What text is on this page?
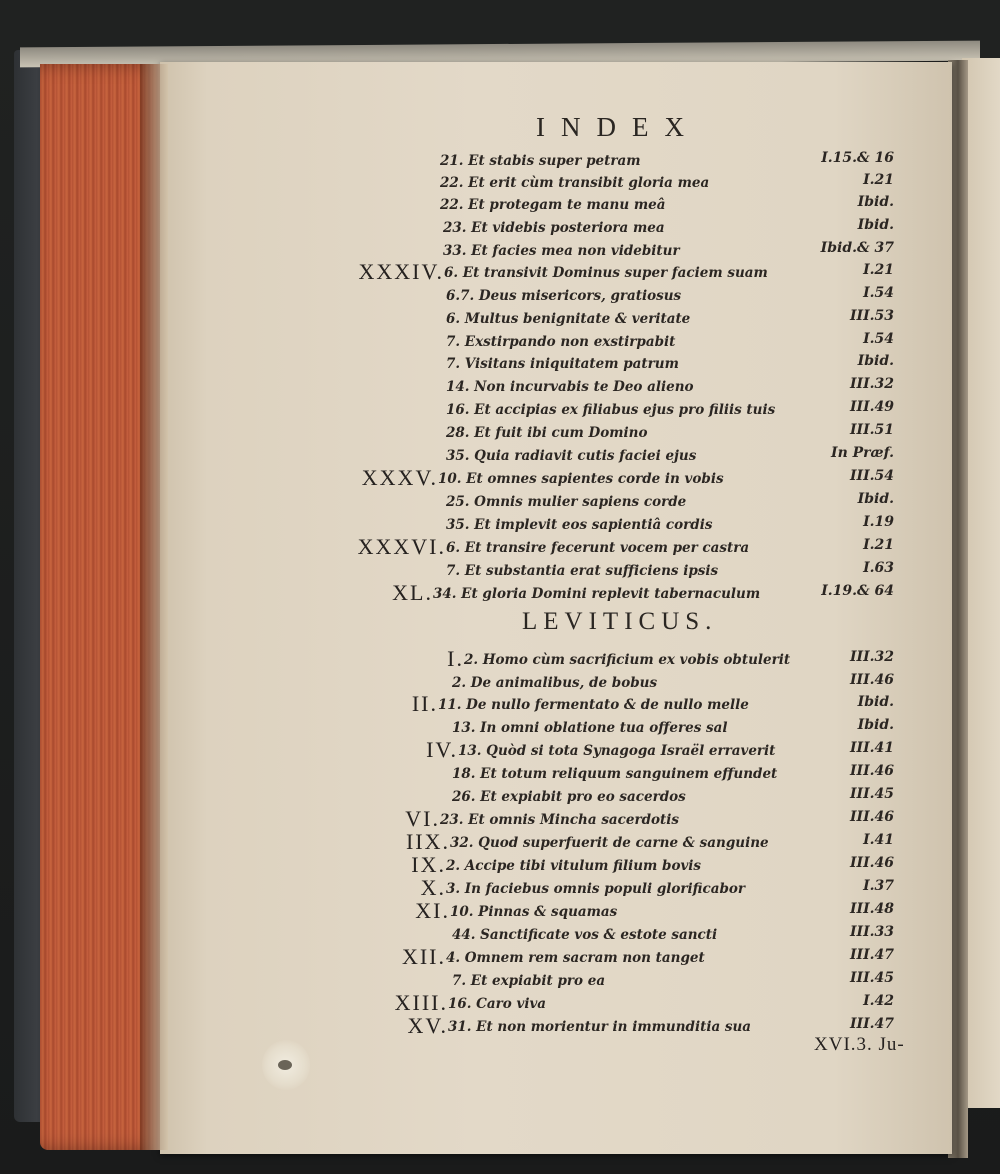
INDEX
LEVITICUS.
21. Et stabis super petram	I.15.& 16
22. Et erit cùm transibit gloria mea	I.21
22. Et protegam te manu meâ	Ibid.
23. Et videbis posteriora mea	Ibid.
33. Et facies mea non videbitur	Ibid.& 37
XXXIV. 6. Et transivit Dominus super faciem suam	I.21
6.7. Deus misericors, gratiosus	I.54
6. Multus benignitate & veritate	III.53
7. Exstirpando non exstirpabit	I.54
7. Visitans iniquitatem patrum	Ibid.
14. Non incurvabis te Deo alieno	III.32
16. Et accipias ex filiabus ejus pro filiis tuis	III.49
28. Et fuit ibi cum Domino	III.51
35. Quia radiavit cutis faciei ejus	In Præf.
XXXV. 10. Et omnes sapientes corde in vobis	III.54
25. Omnis mulier sapiens corde	Ibid.
35. Et implevit eos sapientiâ cordis	I.19
XXXVI. 6. Et transire fecerunt vocem per castra	I.21
7. Et substantia erat sufficiens ipsis	I.63
XL. 34. Et gloria Domini replevit tabernaculum	I.19.& 64
I. 2. Homo cùm sacrificium ex vobis obtulerit	III.32
2. De animalibus, de bobus	III.46
II. 11. De nullo fermentato & de nullo melle	Ibid.
13. In omni oblatione tua offeres sal	Ibid.
IV. 13. Quòd si tota Synagoga Israël erraverit	III.41
18. Et totum reliquum sanguinem effundet	III.46
26. Et expiabit pro eo sacerdos	III.45
VI. 23. Et omnis Mincha sacerdotis	III.46
IIX. 32. Quod superfuerit de carne & sanguine	I.41
IX. 2. Accipe tibi vitulum filium bovis	III.46
X. 3. In faciebus omnis populi glorificabor	I.37
XI. 10. Pinnas & squamas	III.48
44. Sanctificate vos & estote sancti	III.33
XII. 4. Omnem rem sacram non tanget	III.47
7. Et expiabit pro ea	III.45
XIII. 16. Caro viva	I.42
XV. 31. Et non morientur in immunditia sua	III.47
XVI.3. Ju-
